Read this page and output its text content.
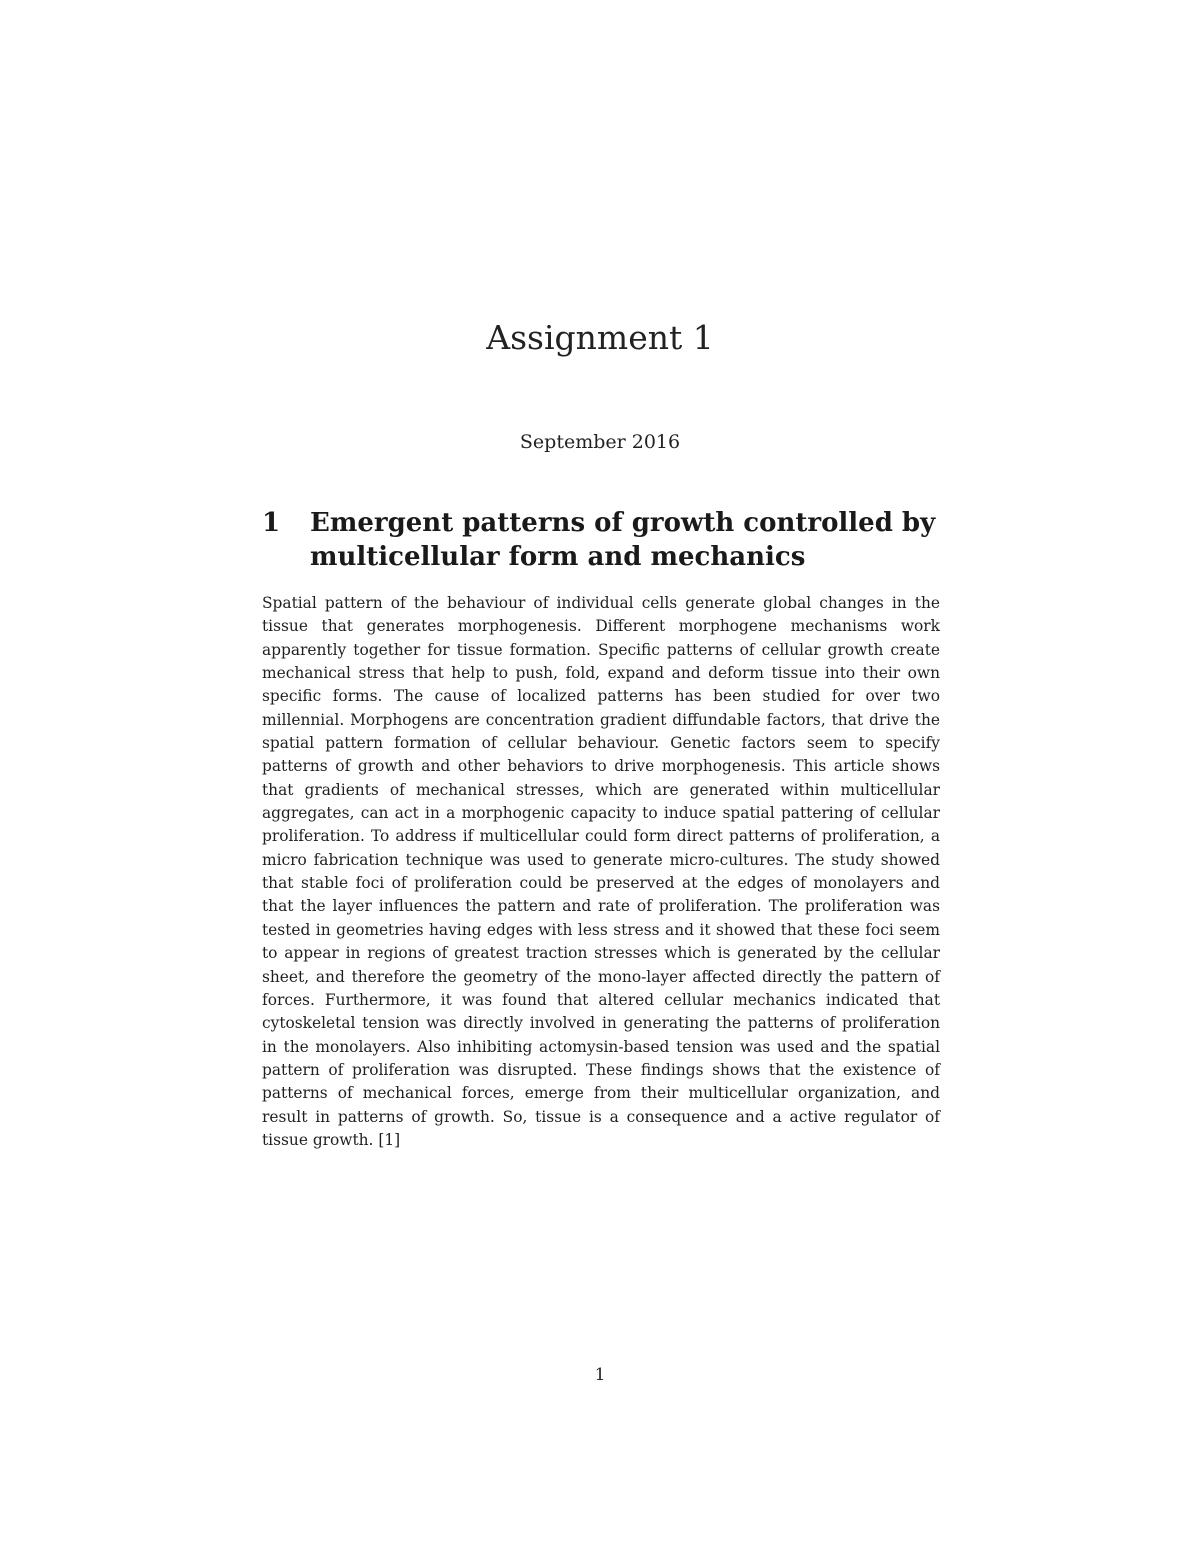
Assignment 1

September 2016

1	Emergent patterns of growth controlled by multicellular form and mechanics

Spatial pattern of the behaviour of individual cells generate global changes in the tissue that generates morphogenesis. Different morphogene mechanisms work apparently together for tissue formation. Specific patterns of cellular growth create mechanical stress that help to push, fold, expand and deform tissue into their own specific forms. The cause of localized patterns has been studied for over two millennial. Morphogens are concentration gradient diffundable factors, that drive the spatial pattern formation of cellular behaviour. Genetic factors seem to specify patterns of growth and other behaviors to drive morphogenesis. This article shows that gradients of mechanical stresses, which are generated within multicellular aggregates, can act in a morphogenic capacity to induce spatial pattering of cellular proliferation. To address if multicellular could form direct patterns of proliferation, a micro fabrication technique was used to generate micro-cultures. The study showed that stable foci of proliferation could be preserved at the edges of monolayers and that the layer influences the pattern and rate of proliferation. The proliferation was tested in geometries having edges with less stress and it showed that these foci seem to appear in regions of greatest traction stresses which is generated by the cellular sheet, and therefore the geometry of the mono-layer affected directly the pattern of forces. Furthermore, it was found that altered cellular mechanics indicated that cytoskeletal tension was directly involved in generating the patterns of proliferation in the monolayers. Also inhibiting actomysin-based tension was used and the spatial pattern of proliferation was disrupted. These findings shows that the existence of patterns of mechanical forces, emerge from their multicellular organization, and result in patterns of growth. So, tissue is a consequence and a active regulator of tissue growth. [1]

1
